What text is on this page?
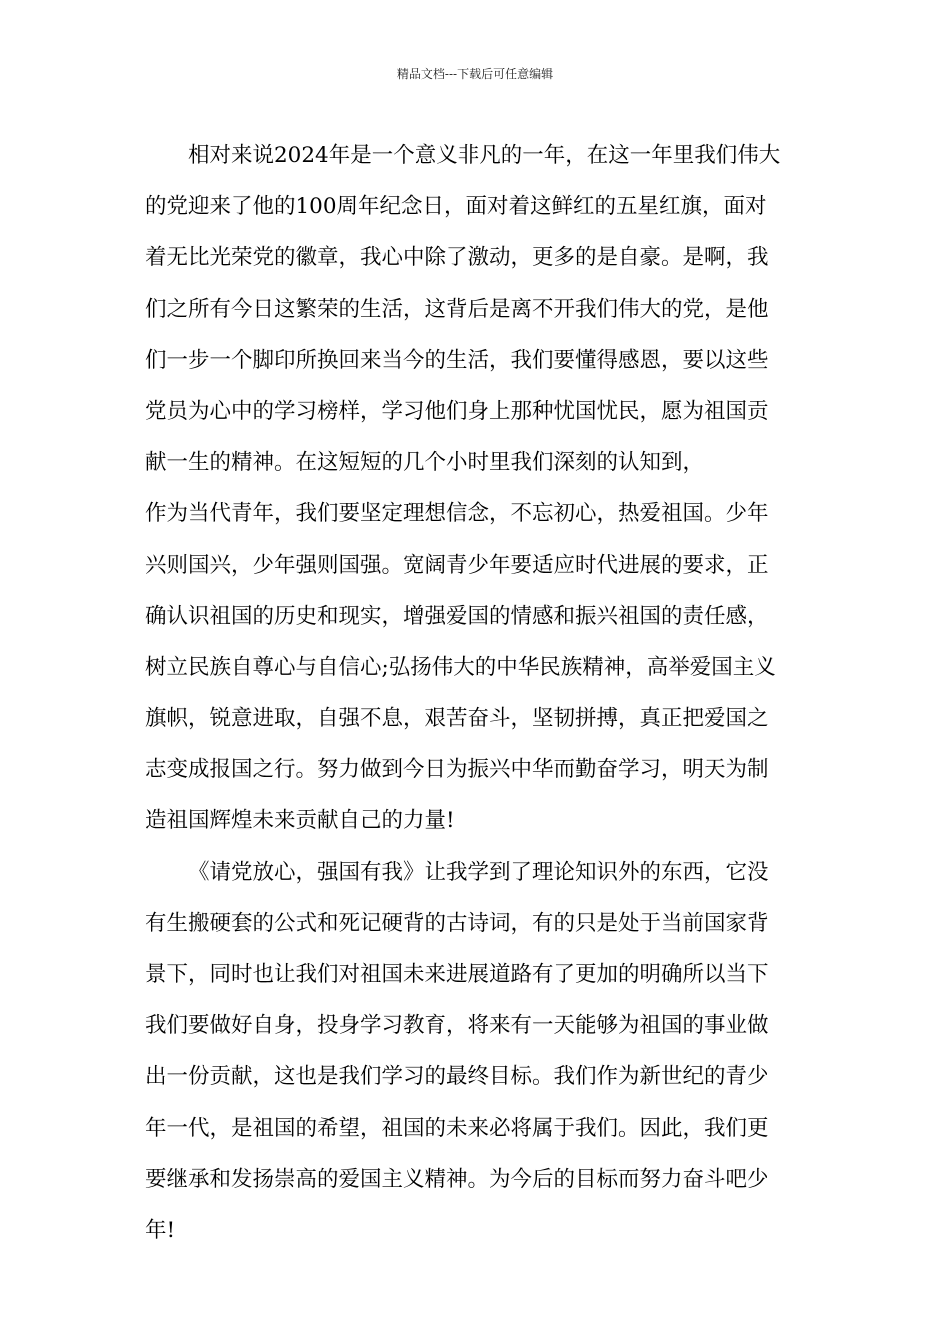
精品文档---下载后可任意编辑
相对来说2024年是一个意义非凡的一年，在这一年里我们伟大
的党迎来了他的100周年纪念日，面对着这鲜红的五星红旗，面对
着无比光荣党的徽章，我心中除了激动，更多的是自豪。是啊，我
们之所有今日这繁荣的生活，这背后是离不开我们伟大的党，是他
们一步一个脚印所换回来当今的生活，我们要懂得感恩，要以这些
党员为心中的学习榜样，学习他们身上那种忧国忧民，愿为祖国贡
献一生的精神。在这短短的几个小时里我们深刻的认知到，
作为当代青年，我们要坚定理想信念，不忘初心，热爱祖国。少年
兴则国兴，少年强则国强。宽阔青少年要适应时代进展的要求，正
确认识祖国的历史和现实，增强爱国的情感和振兴祖国的责任感，
树立民族自尊心与自信心;弘扬伟大的中华民族精神，高举爱国主义
旗帜，锐意进取，自强不息，艰苦奋斗，坚韧拼搏，真正把爱国之
志变成报国之行。努力做到今日为振兴中华而勤奋学习，明天为制
造祖国辉煌未来贡献自己的力量!
《请党放心，强国有我》让我学到了理论知识外的东西，它没
有生搬硬套的公式和死记硬背的古诗词，有的只是处于当前国家背
景下，同时也让我们对祖国未来进展道路有了更加的明确所以当下
我们要做好自身，投身学习教育，将来有一天能够为祖国的事业做
出一份贡献，这也是我们学习的最终目标。我们作为新世纪的青少
年一代，是祖国的希望，祖国的未来必将属于我们。因此，我们更
要继承和发扬崇高的爱国主义精神。为今后的目标而努力奋斗吧少
年!
